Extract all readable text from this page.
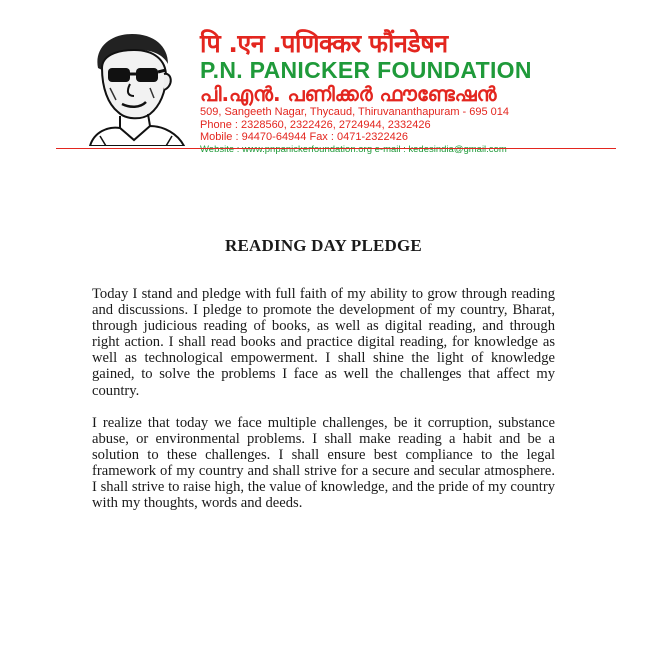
पि .एन .पणिक्कर फौंनडेषन
P.N. PANICKER FOUNDATION
പി.എൻ. പണിക്കർ ഫൗണ്ടേഷൻ
509, Sangeeth Nagar, Thycaud, Thiruvananthapuram - 695 014
Phone : 2328560, 2322426, 2724944, 2332426
Mobile : 94470-64944 Fax : 0471-2322426
Website : www.pnpanickerfoundation.org e-mail : kedesindia@gmail.com
READING DAY PLEDGE

Today I stand and pledge with full faith of my ability to grow through reading and discussions. I pledge to promote the development of my country, Bharat, through judicious reading of books, as well as digital reading, and through right action. I shall read books and practice digital reading, for knowledge as well as technological empowerment. I shall shine the light of knowledge gained, to solve the problems I face as well the challenges that affect my country.

I realize that today we face multiple challenges, be it corruption, substance abuse, or environmental problems. I shall make reading a habit and be a solution to these challenges. I shall ensure best compliance to the legal framework of my country and shall strive for a secure and secular atmosphere. I shall strive to raise high, the value of knowledge, and the pride of my country with my thoughts, words and deeds.
